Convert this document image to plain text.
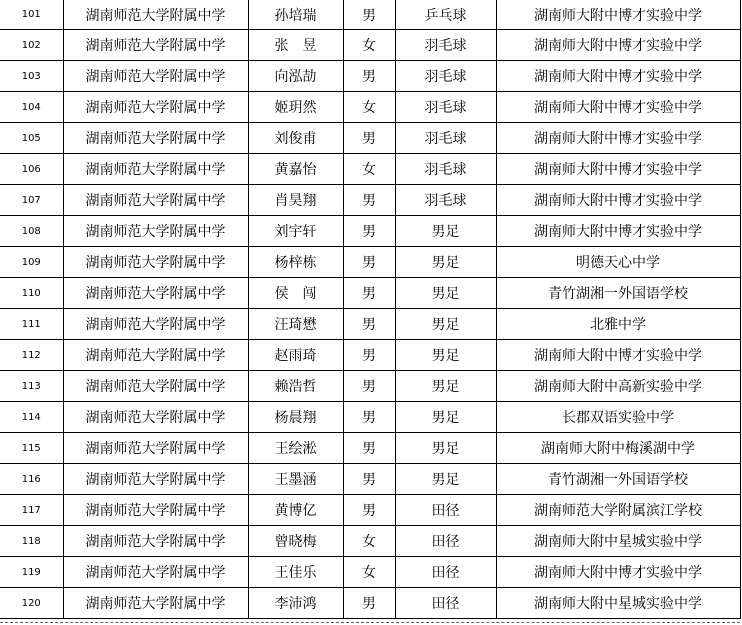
101	湖南师范大学附属中学	孙培瑞	男	乒乓球	湖南师大附中博才实验中学
102	湖南师范大学附属中学	张　昱	女	羽毛球	湖南师大附中博才实验中学
103	湖南师范大学附属中学	向泓劼	男	羽毛球	湖南师大附中博才实验中学
104	湖南师范大学附属中学	姬玥然	女	羽毛球	湖南师大附中博才实验中学
105	湖南师范大学附属中学	刘俊甫	男	羽毛球	湖南师大附中博才实验中学
106	湖南师范大学附属中学	黄嘉怡	女	羽毛球	湖南师大附中博才实验中学
107	湖南师范大学附属中学	肖昊翔	男	羽毛球	湖南师大附中博才实验中学
108	湖南师范大学附属中学	刘宇轩	男	男足	湖南师大附中博才实验中学
109	湖南师范大学附属中学	杨梓栋	男	男足	明德天心中学
110	湖南师范大学附属中学	侯　闯	男	男足	青竹湖湘一外国语学校
111	湖南师范大学附属中学	汪琦懋	男	男足	北雅中学
112	湖南师范大学附属中学	赵雨琦	男	男足	湖南师大附中博才实验中学
113	湖南师范大学附属中学	赖浩哲	男	男足	湖南师大附中高新实验中学
114	湖南师范大学附属中学	杨晨翔	男	男足	长郡双语实验中学
115	湖南师范大学附属中学	王绘淞	男	男足	湖南师大附中梅溪湖中学
116	湖南师范大学附属中学	王墨涵	男	男足	青竹湖湘一外国语学校
117	湖南师范大学附属中学	黄博亿	男	田径	湖南师范大学附属滨江学校
118	湖南师范大学附属中学	曾晓梅	女	田径	湖南师大附中星城实验中学
119	湖南师范大学附属中学	王佳乐	女	田径	湖南师大附中博才实验中学
120	湖南师范大学附属中学	李沛鸿	男	田径	湖南师大附中星城实验中学
